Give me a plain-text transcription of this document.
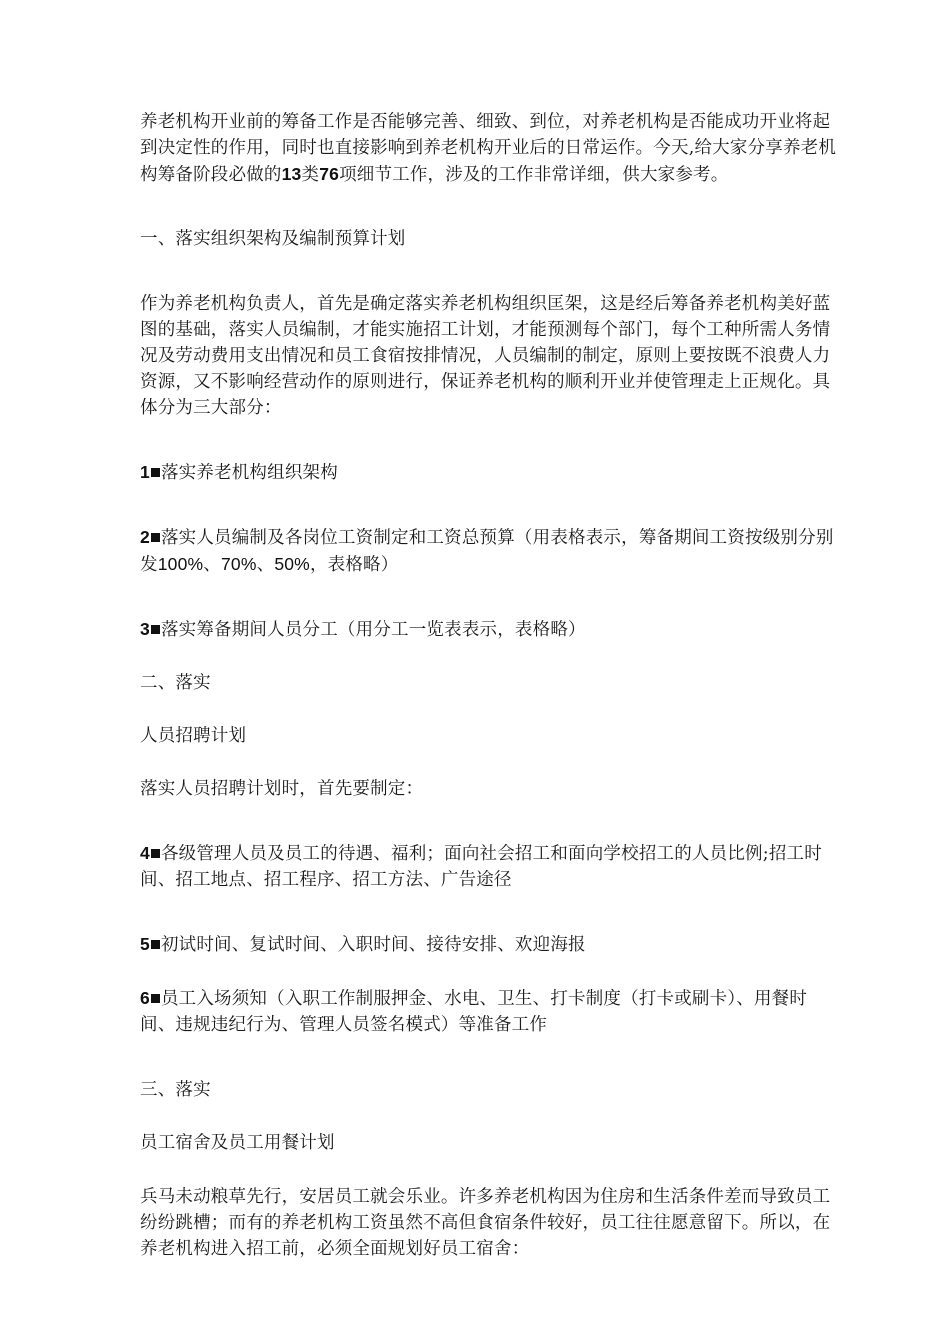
养老机构开业前的筹备工作是否能够完善、细致、到位，对养老机构是否能成功开业将起到决定性的作用，同时也直接影响到养老机构开业后的日常运作。今天,给大家分享养老机构筹备阶段必做的13类76项细节工作，涉及的工作非常详细，供大家参考。

一、落实组织架构及编制预算计划

作为养老机构负责人，首先是确定落实养老机构组织匡架，这是经后筹备养老机构美好蓝图的基础，落实人员编制，才能实施招工计划，才能预测每个部门，每个工种所需人务情况及劳动费用支出情况和员工食宿按排情况，人员编制的制定，原则上要按既不浪费人力资源，又不影响经营动作的原则进行，保证养老机构的顺利开业并使管理走上正规化。具体分为三大部分：

1 落实养老机构组织架构

2 落实人员编制及各岗位工资制定和工资总预算（用表格表示，筹备期间工资按级别分别发100%、70%、50%，表格略）

3 落实筹备期间人员分工（用分工一览表表示，表格略）

二、落实

人员招聘计划

落实人员招聘计划时，首先要制定：

4 各级管理人员及员工的待遇、福利；面向社会招工和面向学校招工的人员比例;招工时间、招工地点、招工程序、招工方法、广告途径

5 初试时间、复试时间、入职时间、接待安排、欢迎海报

6 员工入场须知（入职工作制服押金、水电、卫生、打卡制度（打卡或刷卡）、用餐时间、违规违纪行为、管理人员签名模式）等准备工作

三、落实

员工宿舍及员工用餐计划

兵马未动粮草先行，安居员工就会乐业。许多养老机构因为住房和生活条件差而导致员工纷纷跳槽；而有的养老机构工资虽然不高但食宿条件较好，员工往往愿意留下。所以，在养老机构进入招工前，必须全面规划好员工宿舍：
